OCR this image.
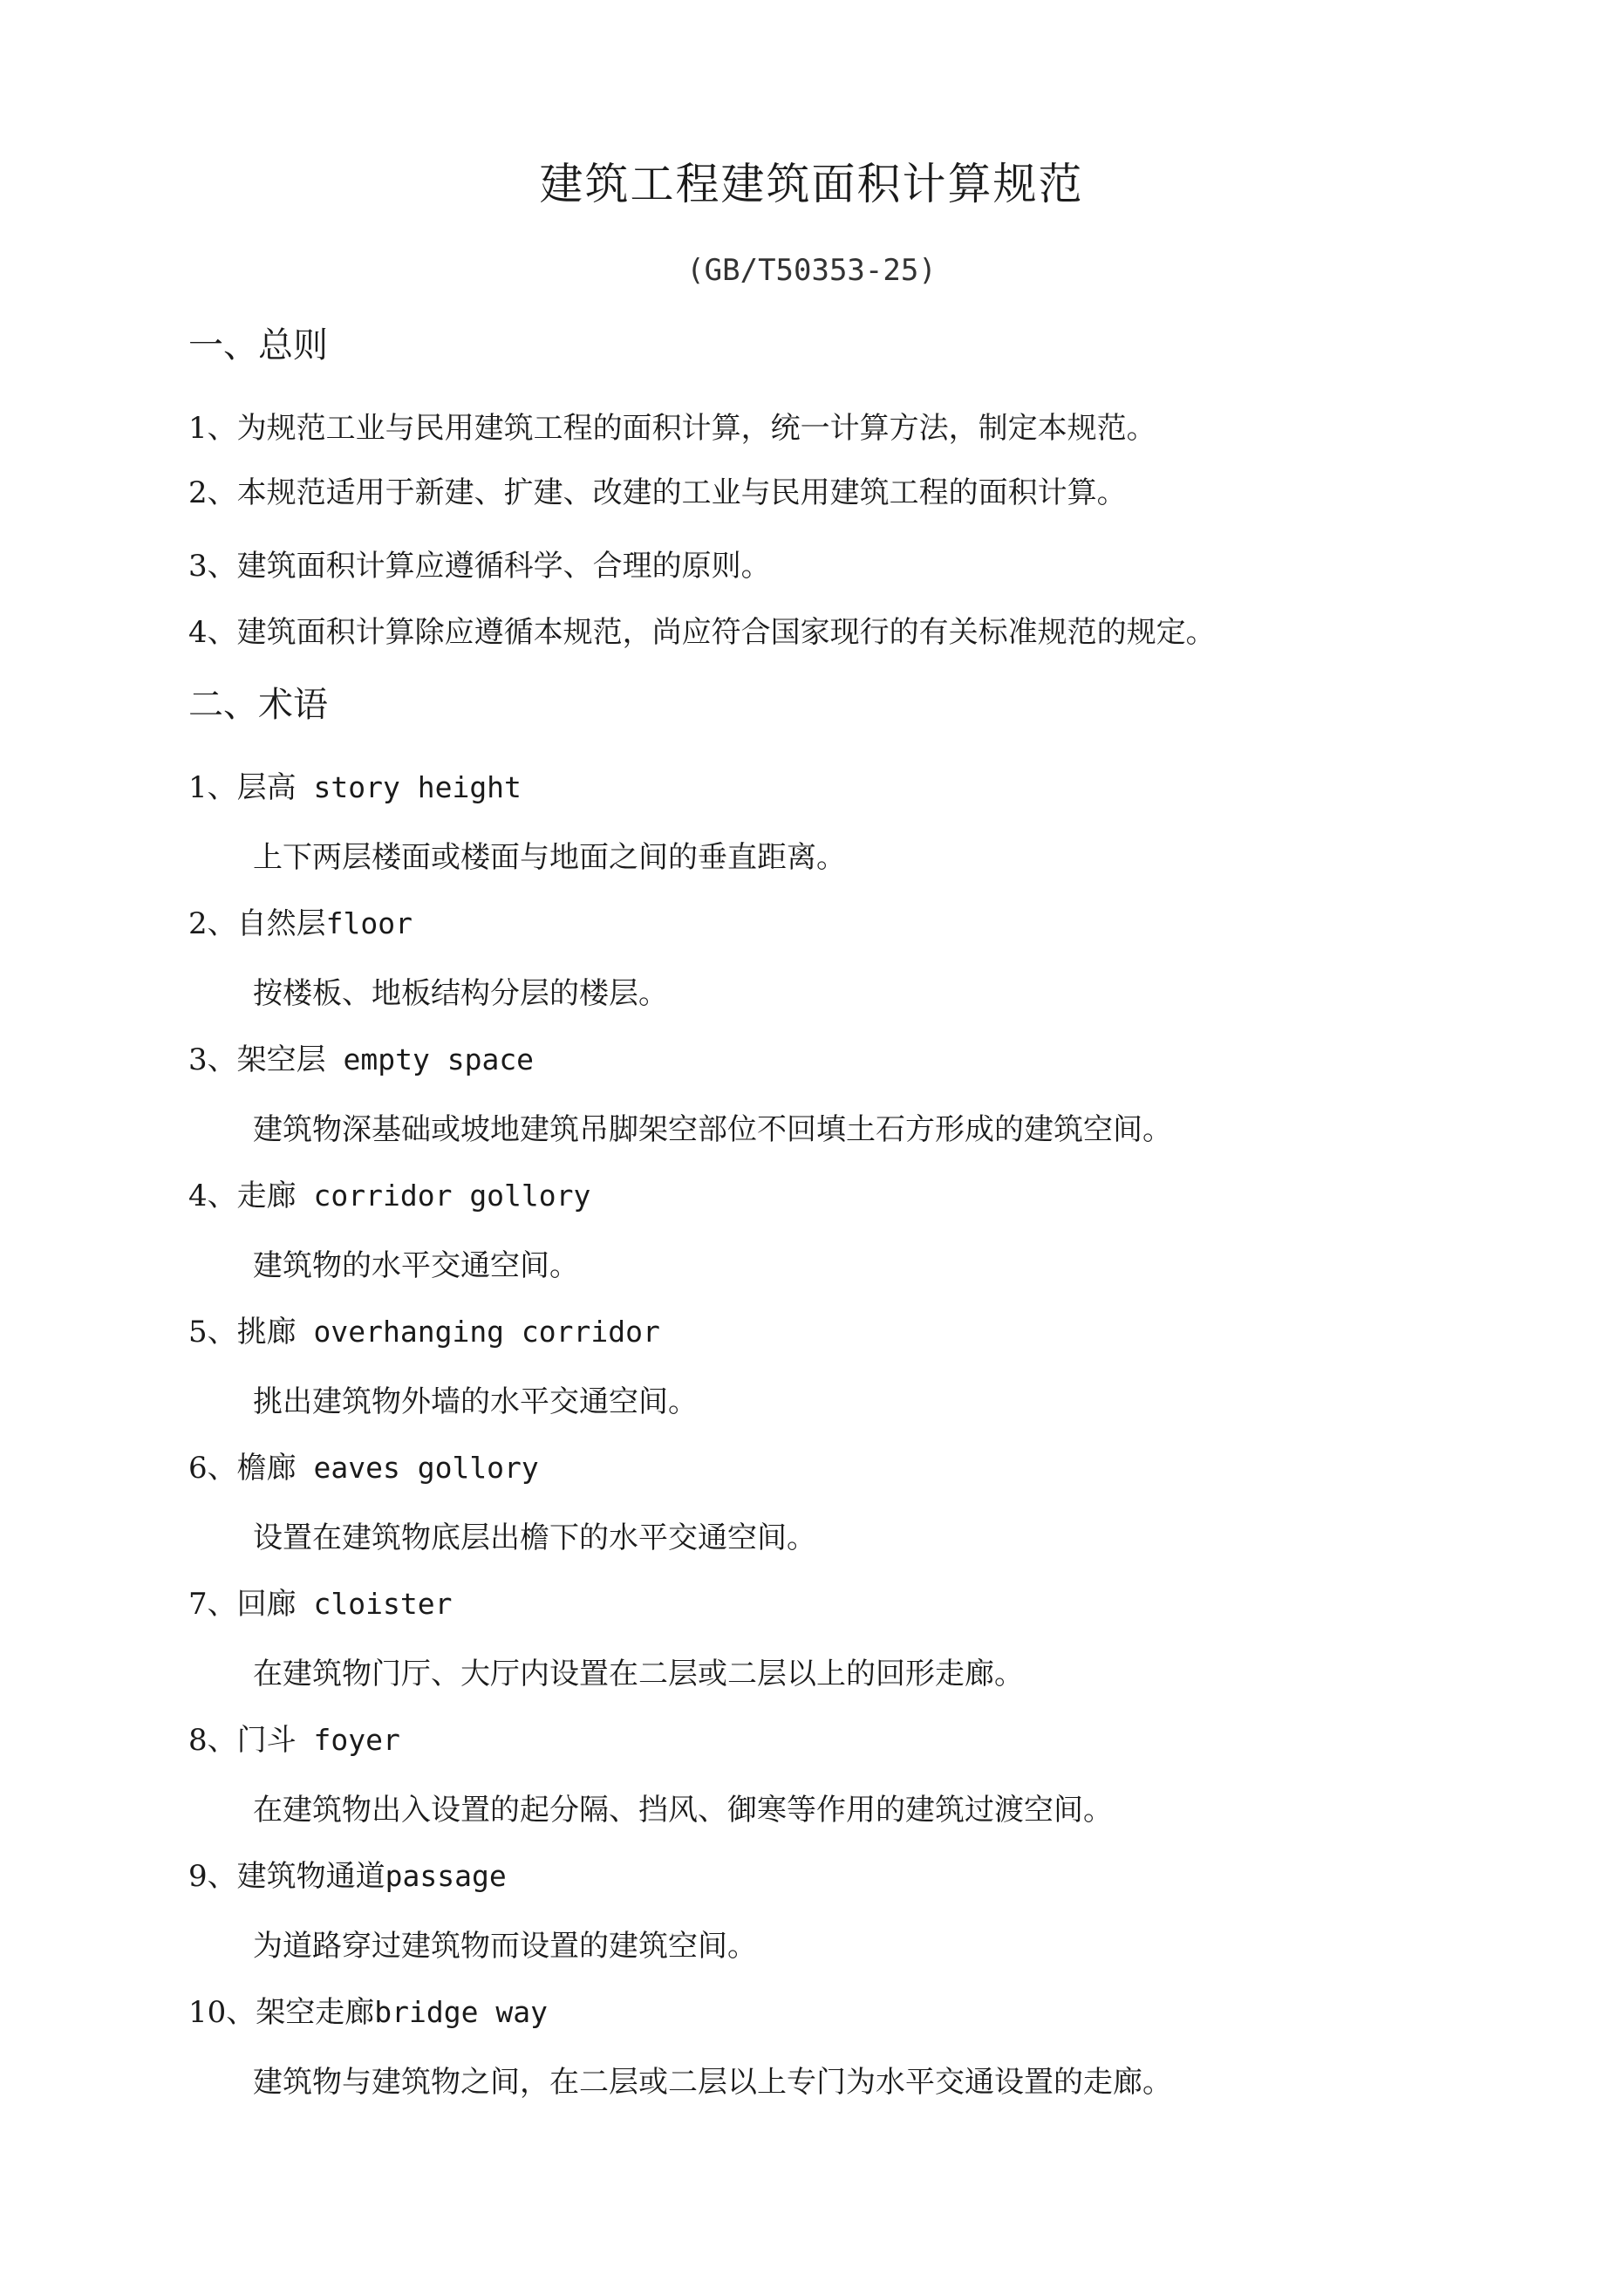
建筑工程建筑面积计算规范
(GB/T50353-25)
一、总则
1、为规范工业与民用建筑工程的面积计算，统一计算方法，制定本规范。
2、本规范适用于新建、扩建、改建的工业与民用建筑工程的面积计算。
3、建筑面积计算应遵循科学、合理的原则。
4、建筑面积计算除应遵循本规范，尚应符合国家现行的有关标准规范的规定。
二、术语
1、层高 story height
上下两层楼面或楼面与地面之间的垂直距离。
2、自然层floor
按楼板、地板结构分层的楼层。
3、架空层 empty space
建筑物深基础或坡地建筑吊脚架空部位不回填土石方形成的建筑空间。
4、走廊 corridor gollory
建筑物的水平交通空间。
5、挑廊 overhanging corridor
挑出建筑物外墙的水平交通空间。
6、檐廊 eaves gollory
设置在建筑物底层出檐下的水平交通空间。
7、回廊 cloister
在建筑物门厅、大厅内设置在二层或二层以上的回形走廊。
8、门斗 foyer
在建筑物出入设置的起分隔、挡风、御寒等作用的建筑过渡空间。
9、建筑物通道passage
为道路穿过建筑物而设置的建筑空间。
10、架空走廊bridge way
建筑物与建筑物之间，在二层或二层以上专门为水平交通设置的走廊。
